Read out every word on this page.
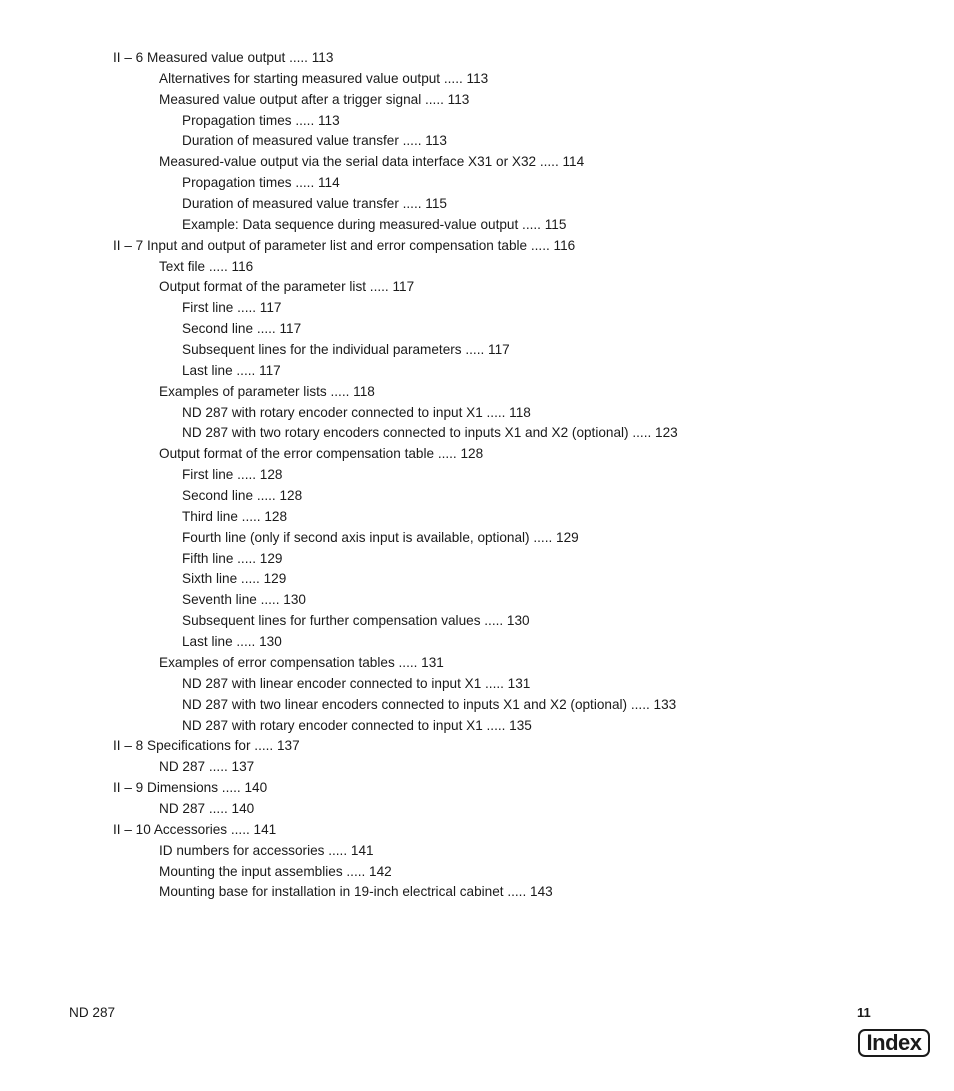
II – 6 Measured value output ..... 113
Alternatives for starting measured value output ..... 113
Measured value output after a trigger signal ..... 113
Propagation times ..... 113
Duration of measured value transfer ..... 113
Measured-value output via the serial data interface X31 or X32 ..... 114
Propagation times ..... 114
Duration of measured value transfer ..... 115
Example: Data sequence during measured-value output ..... 115
II – 7 Input and output of parameter list and error compensation table ..... 116
Text file ..... 116
Output format of the parameter list ..... 117
First line ..... 117
Second line ..... 117
Subsequent lines for the individual parameters ..... 117
Last line ..... 117
Examples of parameter lists ..... 118
ND 287 with rotary encoder connected to input X1 ..... 118
ND 287 with two rotary encoders connected to inputs X1 and X2 (optional) ..... 123
Output format of the error compensation table ..... 128
First line ..... 128
Second line ..... 128
Third line ..... 128
Fourth line (only if second axis input is available, optional) ..... 129
Fifth line ..... 129
Sixth line ..... 129
Seventh line ..... 130
Subsequent lines for further compensation values ..... 130
Last line ..... 130
Examples of error compensation tables ..... 131
ND 287 with linear encoder connected to input X1 ..... 131
ND 287 with two linear encoders connected to inputs X1 and X2 (optional) ..... 133
ND 287 with rotary encoder connected to input X1 ..... 135
II – 8 Specifications for ..... 137
ND 287 ..... 137
II – 9 Dimensions ..... 140
ND 287 ..... 140
II – 10 Accessories ..... 141
ID numbers for accessories ..... 141
Mounting the input assemblies ..... 142
Mounting base for installation in 19-inch electrical cabinet ..... 143
ND 287	11
Index
